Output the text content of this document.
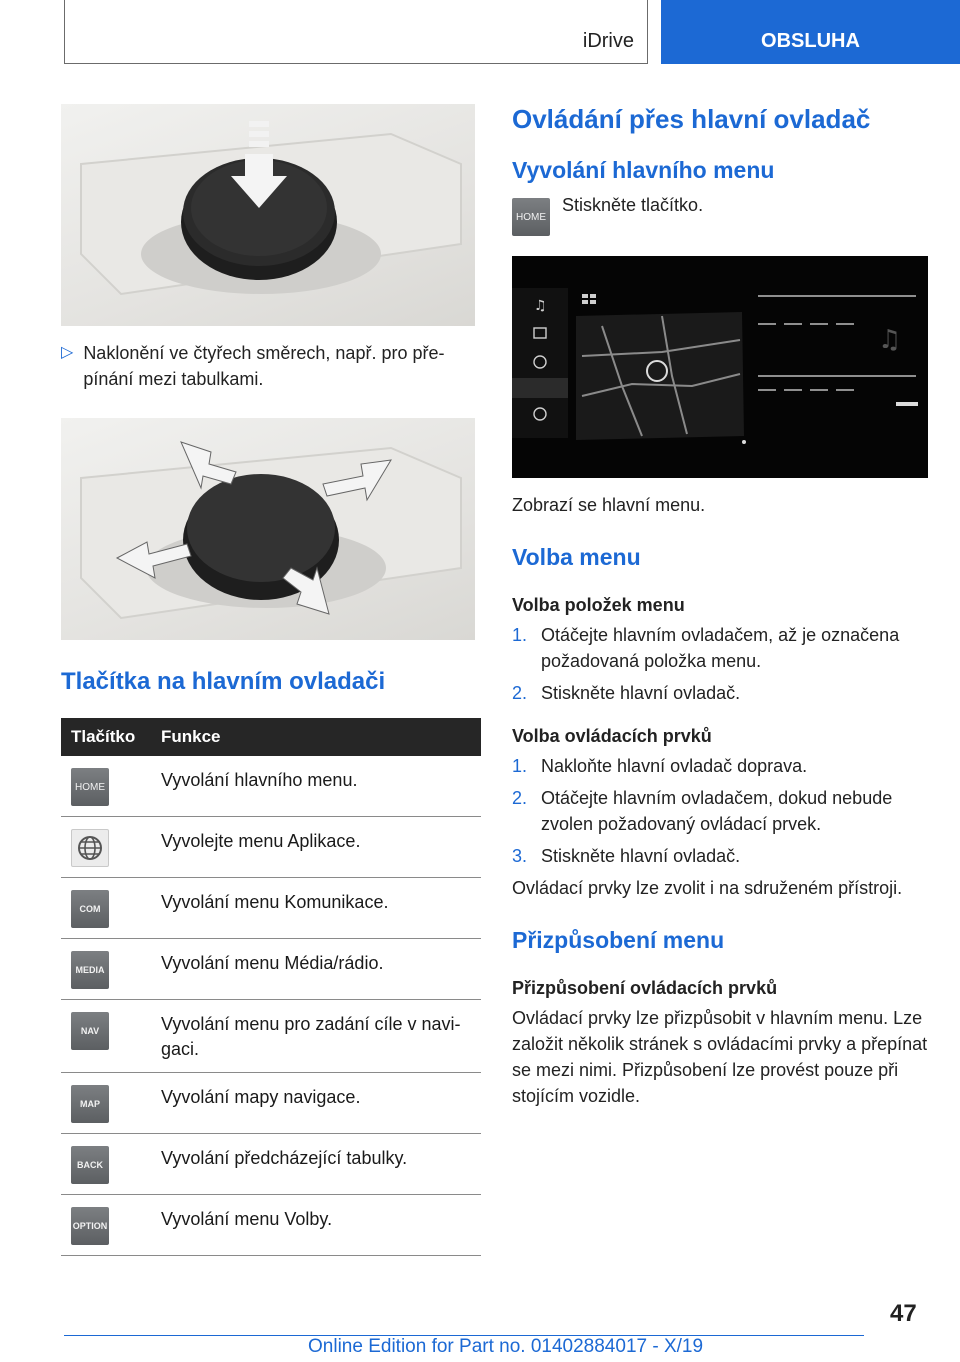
iDrive	OBSLUHA
▷ Naklonění ve čtyřech směrech, např. pro pře‐pínání mezi tabulkami.
Tlačítka na hlavním ovladači
Tlačítko	Funkce

HOME	Vyvolání hlavního menu.

	Vyvolejte menu Aplikace.

COM	Vyvolání menu Komunikace.

MEDIA	Vyvolání menu Média/rádio.

NAV	Vyvolání menu pro zadání cíle v navi‐gaci.

MAP	Vyvolání mapy navigace.

BACK	Vyvolání předcházející tabulky.

OPTION	Vyvolání menu Volby.
Ovládání přes hlavní ovladač
Vyvolání hlavního menu
HOME

Stiskněte tlačítko.

♫
♫

Zobrazí se hlavní menu.

Volba menu

Volba položek menu

1. Otáčejte hlavním ovladačem, až je označena požadovaná položka menu.
2. Stiskněte hlavní ovladač.

Volba ovládacích prvků

1. Nakloňte hlavní ovladač doprava.
2. Otáčejte hlavním ovladačem, dokud nebude zvolen požadovaný ovládací prvek.
3. Stiskněte hlavní ovladač.

Ovládací prvky lze zvolit i na sdruženém přístroji.

Přizpůsobení menu

Přizpůsobení ovládacích prvků

Ovládací prvky lze přizpůsobit v hlavním menu. Lze založit několik stránek s ovládacími prvky a přepínat se mezi nimi. Přizpůsobení lze provést pouze při stojícím vozidle.

47
Online Edition for Part no. 01402884017 - X/19
